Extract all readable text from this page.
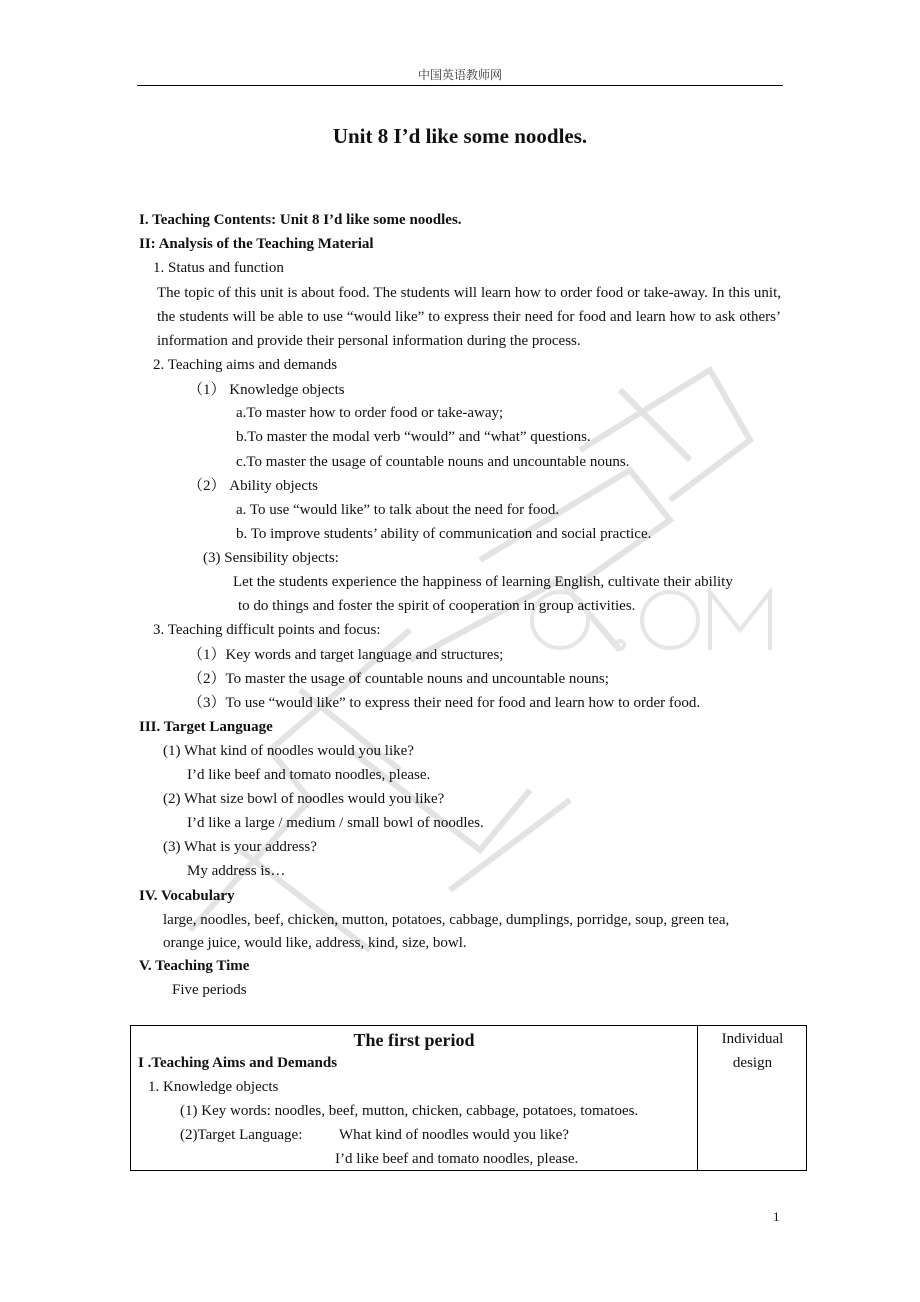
中国英语教师网
Unit 8 I’d like some noodles.
I. Teaching Contents: Unit 8 I’d like some noodles.
II: Analysis of the Teaching Material
1. Status and function
The topic of this unit is about food. The students will learn how to order food or take-away. In this unit, the students will be able to use “would like” to express their need for food and learn how to ask others’ information and provide their personal information during the process.
2. Teaching aims and demands
（1） Knowledge objects
a.To master how to order food or take-away;
b.To master the modal verb “would” and “what” questions.
c.To master the usage of countable nouns and uncountable nouns.
（2） Ability objects
a. To use “would like” to talk about the need for food.
b. To improve students’ ability of communication and social practice.
(3) Sensibility objects:
Let the students experience the happiness of learning English, cultivate their ability
to do things and foster the spirit of cooperation in group activities.
3. Teaching difficult points and focus:
（1）Key words and target language and structures;
（2）To master the usage of countable nouns and uncountable nouns;
（3）To use “would like” to express their need for food and learn how to order food.
III. Target Language
(1) What kind of noodles would you like?
I’d like beef and tomato noodles, please.
(2) What size bowl of noodles would you like?
I’d like a large / medium / small bowl of noodles.
(3) What is your address?
My address is…
IV. Vocabulary
large, noodles, beef, chicken, mutton, potatoes, cabbage, dumplings, porridge, soup, green tea,
orange juice, would like, address, kind, size, bowl.
V. Teaching Time
Five periods
The first period	Individual
design
I .Teaching Aims and Demands
1. Knowledge objects
(1) Key words: noodles, beef, mutton, chicken, cabbage, potatoes, tomatoes.
(2)Target Language: What kind of noodles would you like?
I’d like beef and tomato noodles, please.
1
